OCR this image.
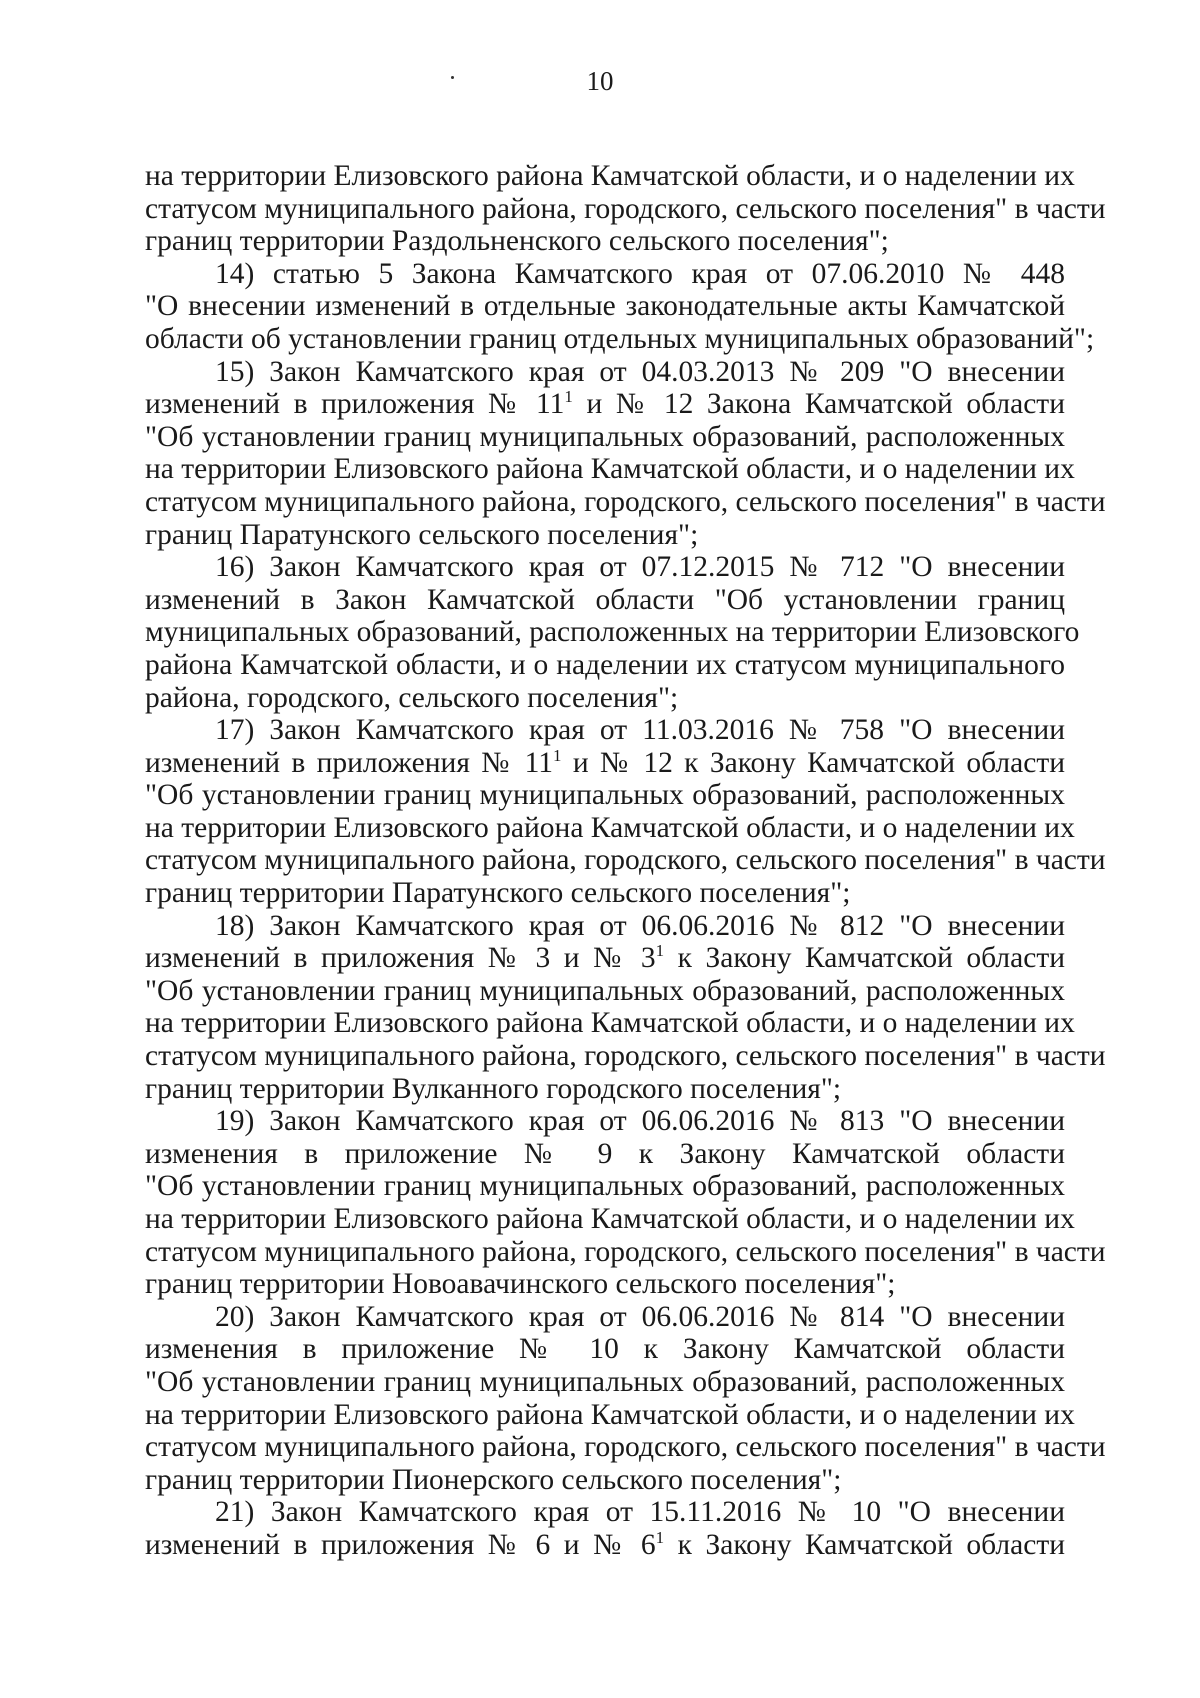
10
на территории Елизовского района Камчатской области, и о наделении их
статусом муниципального района, городского, сельского поселения" в части
границ территории Раздольненского сельского поселения";
14) статью 5 Закона Камчатского края от 07.06.2010 № 448
"О внесении изменений в отдельные законодательные акты Камчатской
области об установлении границ отдельных муниципальных образований";
15) Закон Камчатского края от 04.03.2013 № 209 "О внесении
изменений в приложения № $11^1$ и № 12 Закона Камчатской области
"Об установлении границ муниципальных образований, расположенных
на территории Елизовского района Камчатской области, и о наделении их
статусом муниципального района, городского, сельского поселения" в части
границ Паратунского сельского поселения";
16) Закон Камчатского края от 07.12.2015 № 712 "О внесении
изменений в Закон Камчатской области "Об установлении границ
муниципальных образований, расположенных на территории Елизовского
района Камчатской области, и о наделении их статусом муниципального
района, городского, сельского поселения";
17) Закон Камчатского края от 11.03.2016 № 758 "О внесении
изменений в приложения № $11^1$ и № 12 к Закону Камчатской области
"Об установлении границ муниципальных образований, расположенных
на территории Елизовского района Камчатской области, и о наделении их
статусом муниципального района, городского, сельского поселения" в части
границ территории Паратунского сельского поселения";
18) Закон Камчатского края от 06.06.2016 № 812 "О внесении
изменений в приложения № 3 и № $3^1$ к Закону Камчатской области
"Об установлении границ муниципальных образований, расположенных
на территории Елизовского района Камчатской области, и о наделении их
статусом муниципального района, городского, сельского поселения" в части
границ территории Вулканного городского поселения";
19) Закон Камчатского края от 06.06.2016 № 813 "О внесении
изменения в приложение № 9 к Закону Камчатской области
"Об установлении границ муниципальных образований, расположенных
на территории Елизовского района Камчатской области, и о наделении их
статусом муниципального района, городского, сельского поселения" в части
границ территории Новоавачинского сельского поселения";
20) Закон Камчатского края от 06.06.2016 № 814 "О внесении
изменения в приложение № 10 к Закону Камчатской области
"Об установлении границ муниципальных образований, расположенных
на территории Елизовского района Камчатской области, и о наделении их
статусом муниципального района, городского, сельского поселения" в части
границ территории Пионерского сельского поселения";
21) Закон Камчатского края от 15.11.2016 № 10 "О внесении
изменений в приложения № 6 и № $6^1$ к Закону Камчатской области
